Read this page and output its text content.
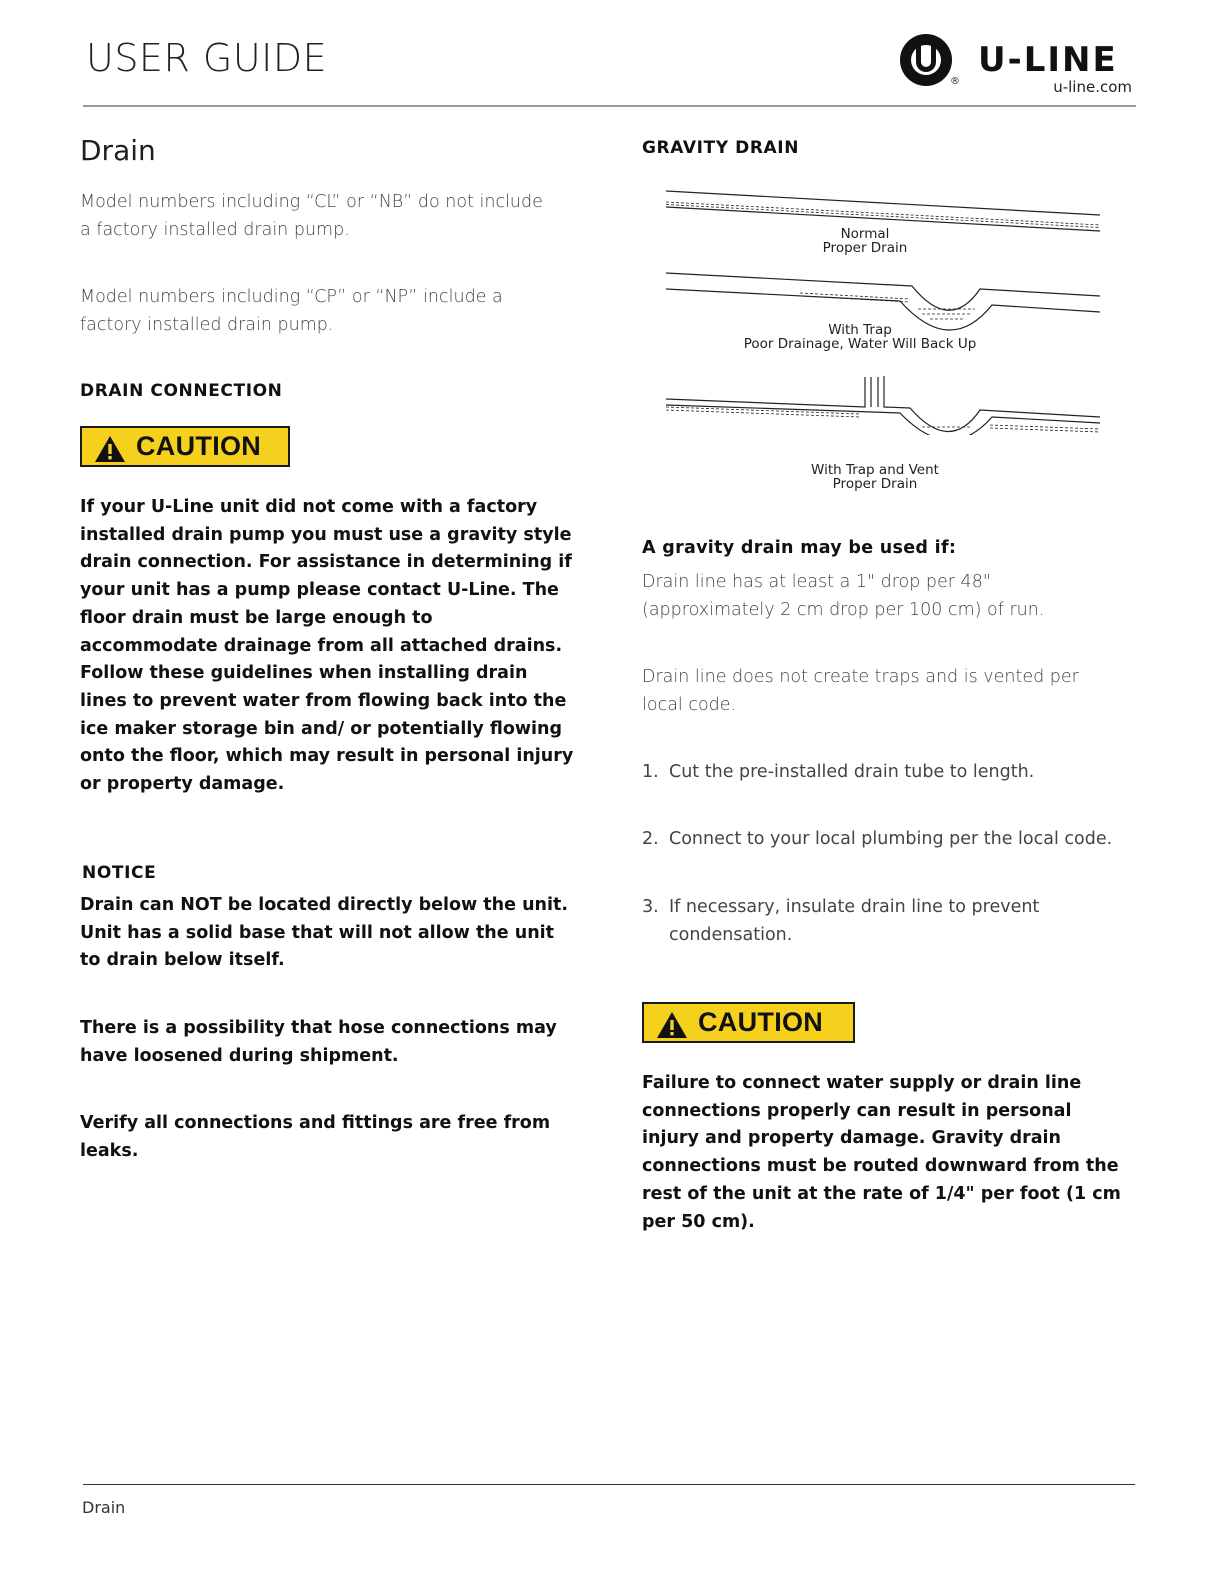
USER GUIDE
®
U-LINE
u-line.com
Drain
Model numbers including “CL” or “NB” do not include a factory installed drain pump.
Model numbers including “CP” or “NP” include a factory installed drain pump.
DRAIN CONNECTION
CAUTION
If your U-Line unit did not come with a factory installed drain pump you must use a gravity style drain connection. For assistance in determining if your unit has a pump please contact U-Line. The floor drain must be large enough to accommodate drainage from all attached drains. Follow these guidelines when installing drain lines to prevent water from flowing back into the ice maker storage bin and/ or potentially flowing onto the floor, which may result in personal injury or property damage.
NOTICE
Drain can NOT be located directly below the unit. Unit has a solid base that will not allow the unit to drain below itself.
There is a possibility that hose connections may have loosened during shipment.
Verify all connections and fittings are free from leaks.
GRAVITY DRAIN
Normal
Proper Drain
With Trap
Poor Drainage, Water Will Back Up
With Trap and Vent
Proper Drain
A gravity drain may be used if:
Drain line has at least a 1" drop per 48" (approximately 2 cm drop per 100 cm) of run.
Drain line does not create traps and is vented per local code.
1. Cut the pre-installed drain tube to length.
2. Connect to your local plumbing per the local code.
3. If necessary, insulate drain line to prevent condensation.
CAUTION
Failure to connect water supply or drain line connections properly can result in personal injury and property damage. Gravity drain connections must be routed downward from the rest of the unit at the rate of 1/4" per foot (1 cm per 50 cm).
Drain
